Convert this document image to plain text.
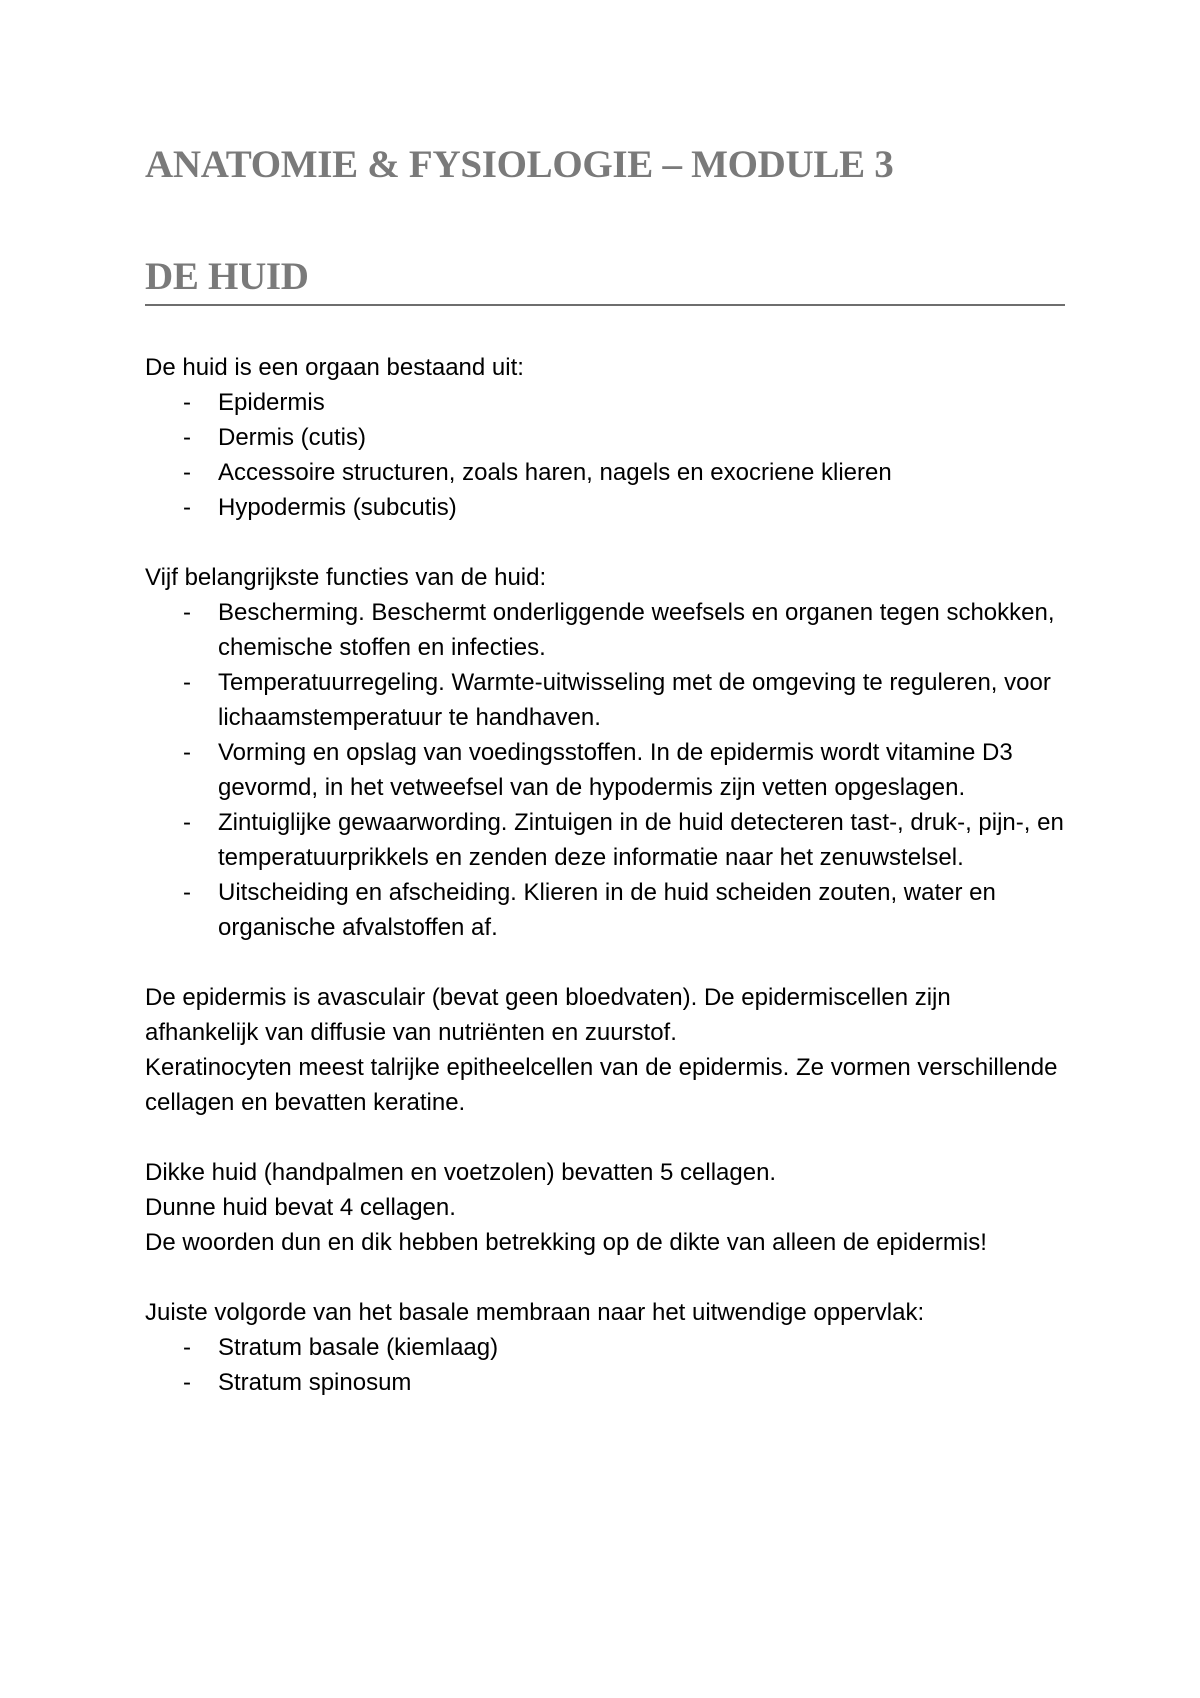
ANATOMIE & FYSIOLOGIE – MODULE 3
DE HUID

De huid is een orgaan bestaand uit:

- Epidermis
- Dermis (cutis)
- Accessoire structuren, zoals haren, nagels en exocriene klieren
- Hypodermis (subcutis)

Vijf belangrijkste functies van de huid:

- Bescherming. Beschermt onderliggende weefsels en organen tegen schokken, chemische stoffen en infecties.
- Temperatuurregeling. Warmte-uitwisseling met de omgeving te reguleren, voor lichaamstemperatuur te handhaven.
- Vorming en opslag van voedingsstoffen. In de epidermis wordt vitamine D3 gevormd, in het vetweefsel van de hypodermis zijn vetten opgeslagen.
- Zintuiglijke gewaarwording. Zintuigen in de huid detecteren tast-, druk-, pijn-, en temperatuurprikkels en zenden deze informatie naar het zenuwstelsel.
- Uitscheiding en afscheiding. Klieren in de huid scheiden zouten, water en organische afvalstoffen af.

De epidermis is avasculair (bevat geen bloedvaten). De epidermiscellen zijn afhankelijk van diffusie van nutriënten en zuurstof.

Keratinocyten meest talrijke epitheelcellen van de epidermis. Ze vormen verschillende cellagen en bevatten keratine.

Dikke huid (handpalmen en voetzolen) bevatten 5 cellagen.

Dunne huid bevat 4 cellagen.

De woorden dun en dik hebben betrekking op de dikte van alleen de epidermis!

Juiste volgorde van het basale membraan naar het uitwendige oppervlak:

- Stratum basale (kiemlaag)
- Stratum spinosum
